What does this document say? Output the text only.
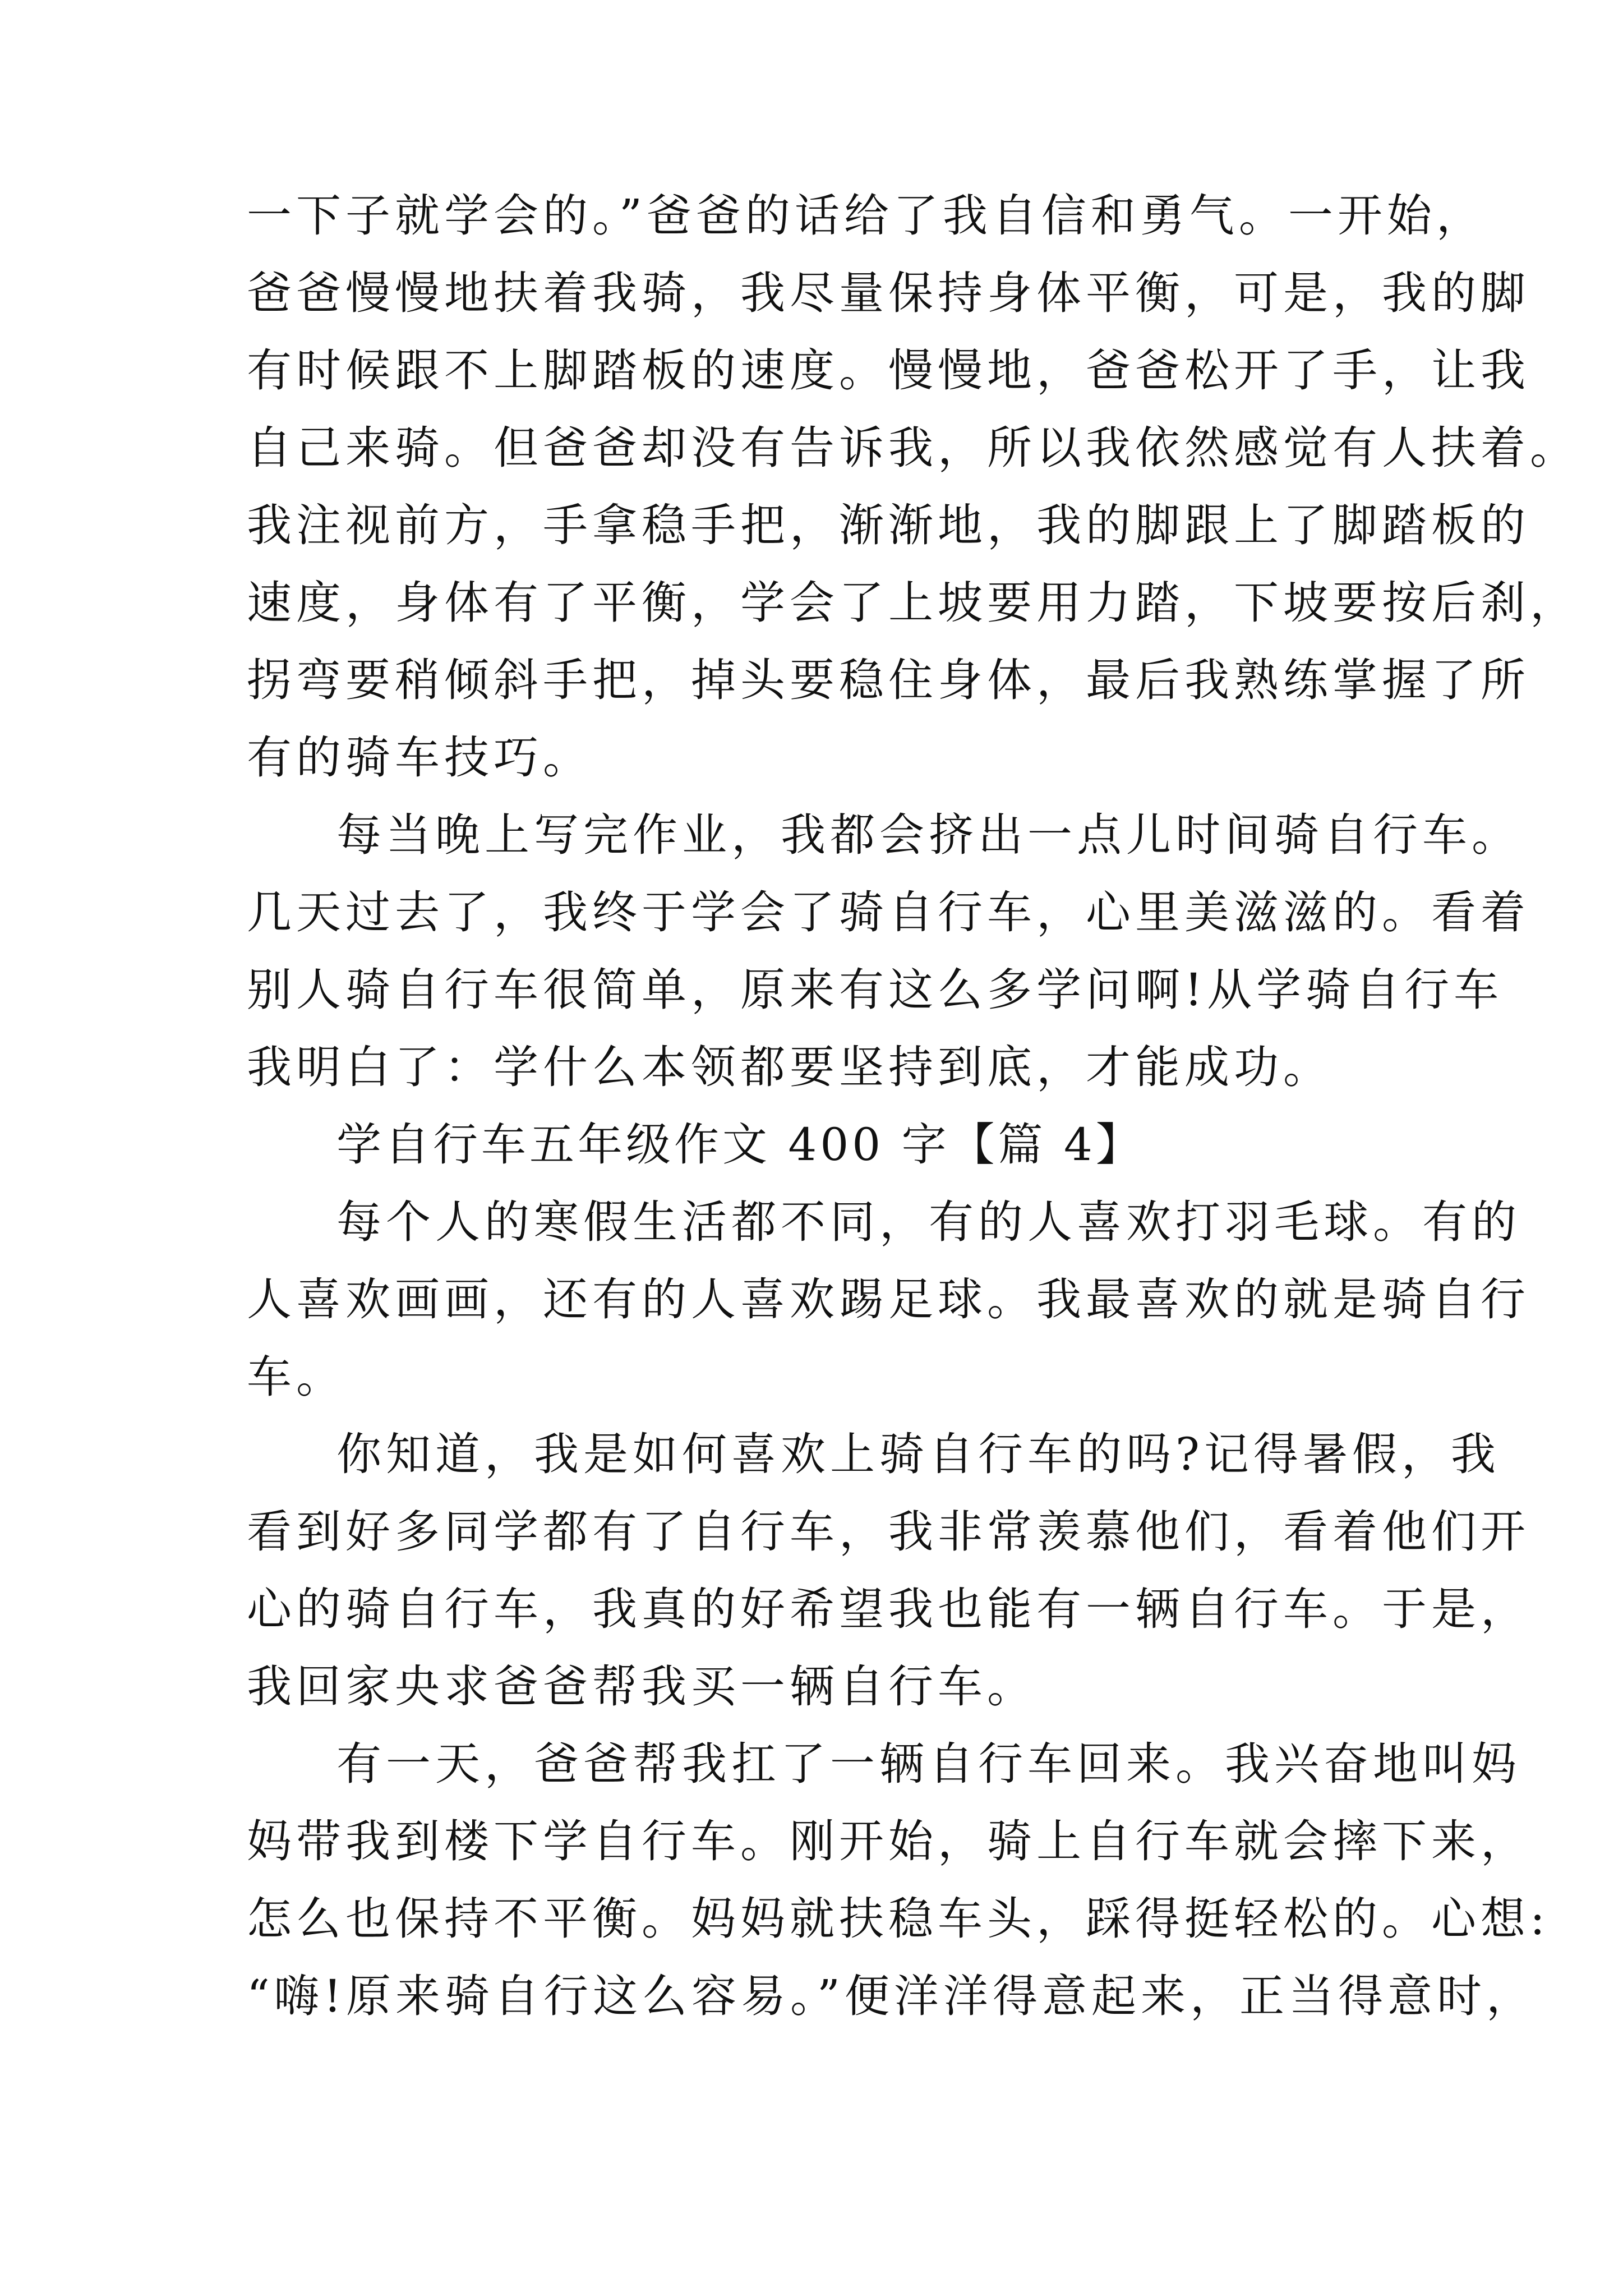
一下子就学会的。”爸爸的话给了我自信和勇气。一开始，
爸爸慢慢地扶着我骑，我尽量保持身体平衡，可是，我的脚
有时候跟不上脚踏板的速度。慢慢地，爸爸松开了手，让我
自己来骑。但爸爸却没有告诉我，所以我依然感觉有人扶着。
我注视前方，手拿稳手把，渐渐地，我的脚跟上了脚踏板的
速度，身体有了平衡，学会了上坡要用力踏，下坡要按后刹，
拐弯要稍倾斜手把，掉头要稳住身体，最后我熟练掌握了所
有的骑车技巧。
每当晚上写完作业，我都会挤出一点儿时间骑自行车。
几天过去了，我终于学会了骑自行车，心里美滋滋的。看着
别人骑自行车很简单，原来有这么多学问啊!从学骑自行车
我明白了：学什么本领都要坚持到底，才能成功。
学自行车五年级作文 400 字【篇 4】
每个人的寒假生活都不同，有的人喜欢打羽毛球。有的
人喜欢画画，还有的人喜欢踢足球。我最喜欢的就是骑自行
车。
你知道，我是如何喜欢上骑自行车的吗?记得暑假，我
看到好多同学都有了自行车，我非常羡慕他们，看着他们开
心的骑自行车，我真的好希望我也能有一辆自行车。于是，
我回家央求爸爸帮我买一辆自行车。
有一天，爸爸帮我扛了一辆自行车回来。我兴奋地叫妈
妈带我到楼下学自行车。刚开始，骑上自行车就会摔下来，
怎么也保持不平衡。妈妈就扶稳车头，踩得挺轻松的。心想:
“嗨!原来骑自行这么容易。”便洋洋得意起来，正当得意时，
